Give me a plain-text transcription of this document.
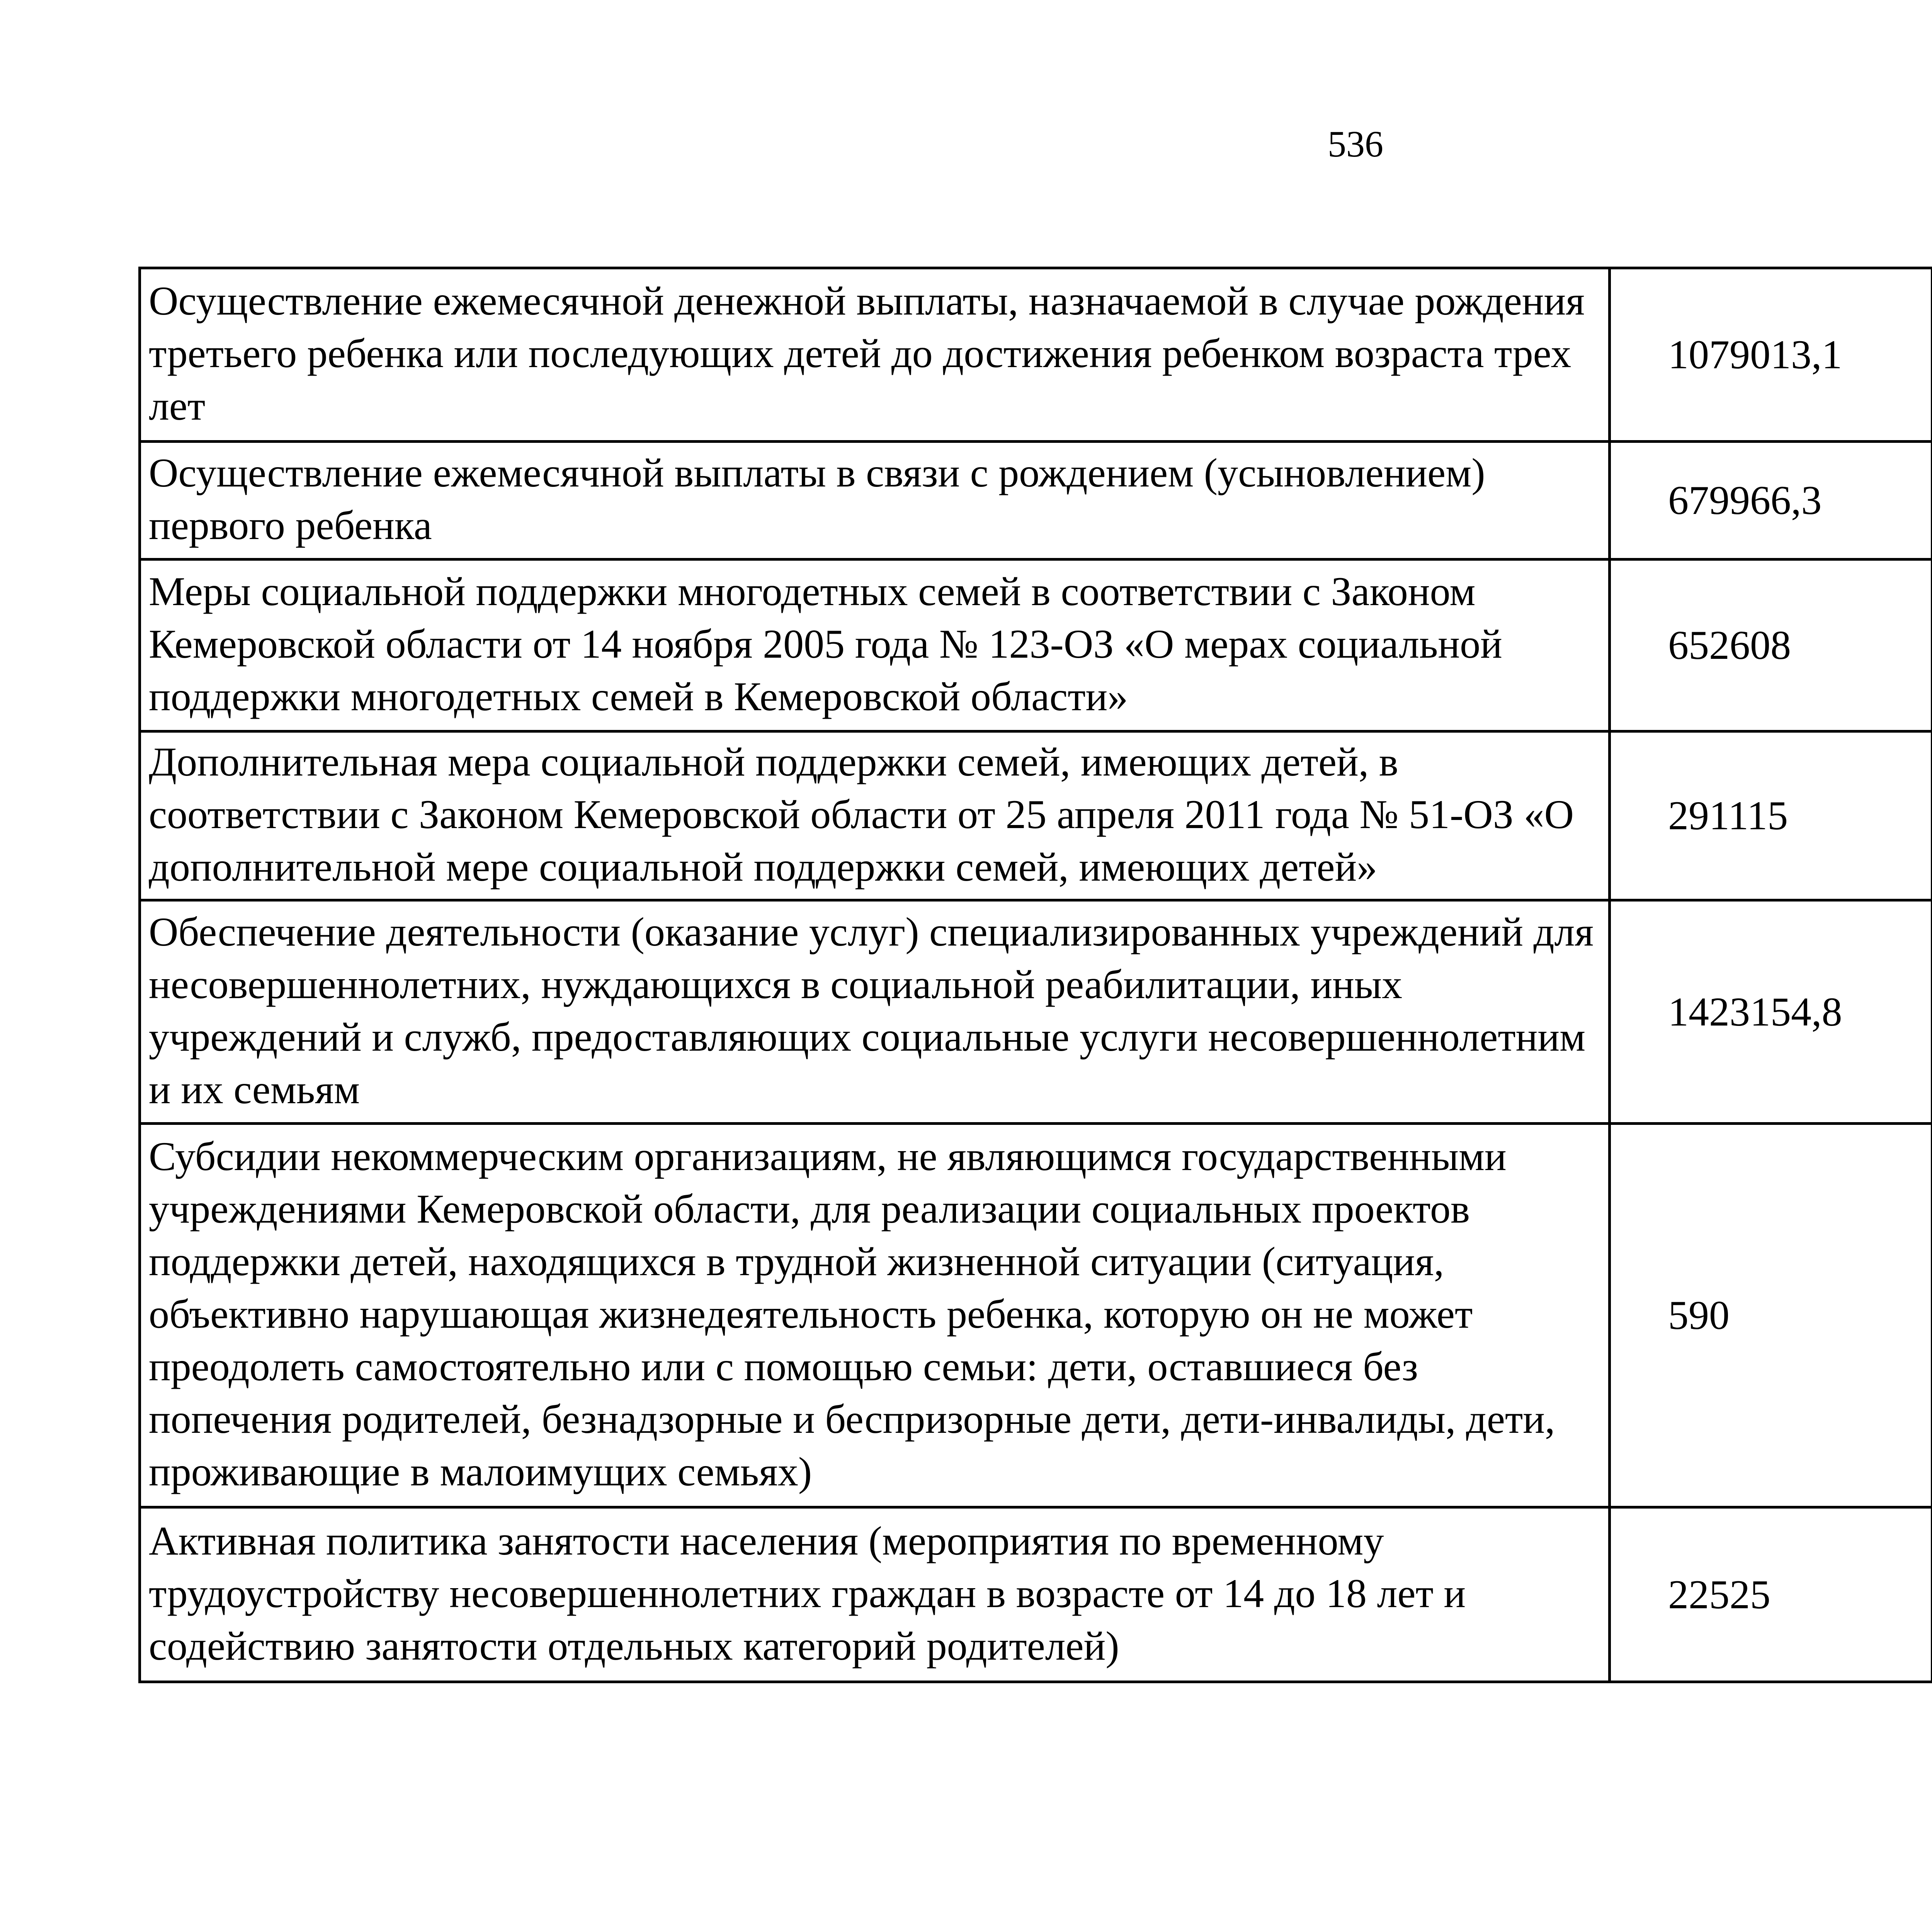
536
Осуществление ежемесячной денежной выплаты, назначаемой в случае рождения третьего ребенка или последующих детей до достижения ребенком возраста трех лет	1079013,1		
Осуществление ежемесячной выплаты в связи с рождением (усыновлением) первого ребенка	679966,3		
Меры социальной поддержки многодетных семей в соответствии с Законом Кемеровской области от 14 ноября 2005 года № 123-ОЗ «О мерах социальной поддержки многодетных семей в Кемеровской области»	652608		
Дополнительная мера социальной поддержки семей, имеющих детей, в соответствии с Законом Кемеровской области от 25 апреля 2011 года № 51-ОЗ «О дополнительной мере социальной поддержки семей, имеющих детей»	291115		
Обеспечение деятельности (оказание услуг) специализированных учреждений для несовершеннолетних, нуждающихся в социальной реабилитации, иных учреждений и служб, предоставляющих социальные услуги несовершеннолетним и их семьям	1423154,8		
Субсидии некоммерческим организациям, не являющимся государственными учреждениями Кемеровской области, для реализации социальных проектов поддержки детей, находящихся в трудной жизненной ситуации (ситуация, объективно нарушающая жизнедеятельность ребенка, которую он не может преодолеть самостоятельно или с помощью семьи: дети, оставшиеся без попечения родителей, безнадзорные и беспризорные дети, дети-инвалиды, дети, проживающие в малоимущих семьях)	590		
Активная политика занятости населения (мероприятия по временному трудоустройству несовершеннолетних граждан в возрасте от 14 до 18 лет и содействию занятости отдельных категорий родителей)	22525		
